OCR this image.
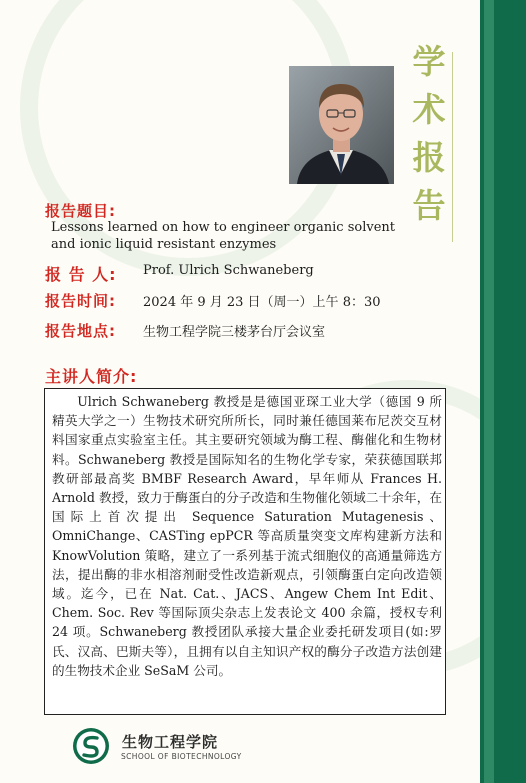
学
术
报
告
报告题目:
Lessons learned on how to engineer organic solvent and ionic liquid resistant enzymes
报 告 人: Prof. Ulrich Schwaneberg
报告时间: 2024 年 9 月 23 日（周一）上午 8：30
报告地点: 生物工程学院三楼茅台厅会议室
主讲人简介:
Ulrich Schwaneberg 教授是是德国亚琛工业大学（德国 9 所精英大学之一）生物技术研究所所长，同时兼任德国莱布尼茨交互材料国家重点实验室主任。其主要研究领域为酶工程、酶催化和生物材料。Schwaneberg 教授是国际知名的生物化学专家，荣获德国联邦教研部最高奖 BMBF Research Award，早年师从 Frances H. Arnold 教授，致力于酶蛋白的分子改造和生物催化领域二十余年，在国际上首次提出 Sequence Saturation Mutagenesis、OmniChange、CASTing epPCR 等高质量突变文库构建新方法和 KnowVolution 策略，建立了一系列基于流式细胞仪的高通量筛选方法，提出酶的非水相溶剂耐受性改造新观点，引领酶蛋白定向改造领域。迄今，已在 Nat. Cat.、JACS、Angew Chem Int Edit、Chem. Soc. Rev 等国际顶尖杂志上发表论文 400 余篇，授权专利 24 项。Schwaneberg 教授团队承接大量企业委托研发项目(如:罗氏、汉高、巴斯夫等），且拥有以自主知识产权的酶分子改造方法创建的生物技术企业 SeSaM 公司。
生物工程学院
SCHOOL OF BIOTECHNOLOGY
